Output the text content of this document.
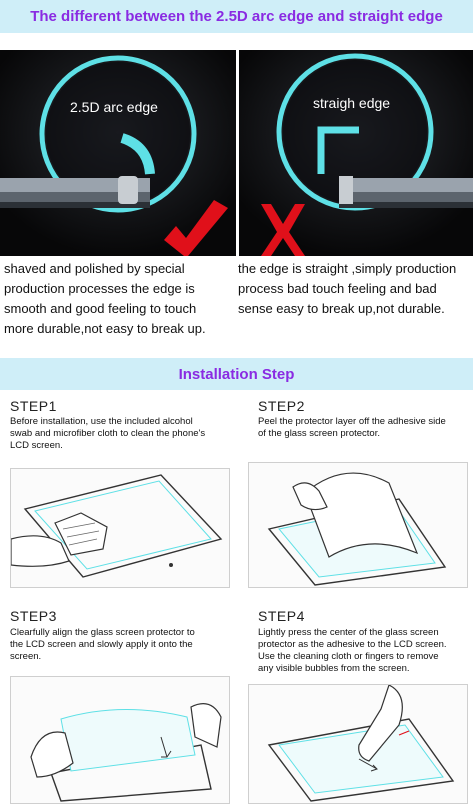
The different between the 2.5D arc edge and straight edge
2.5D arc edge	straigh edge
shaved and polished by special
production processes the edge is
smooth and good feeling to touch
more durable,not easy to break up.
the edge is straight ,simply production
process bad touch feeling and bad
sense easy to break up,not durable.
Installation Step
STEP1
Before installation, use the included alcohol
swab and microfiber cloth to clean the phone's
LCD screen.
STEP2
Peel the protector layer off the adhesive side
of the glass screen protector.
STEP3
Clearfully align the glass screen protector to
the LCD screen and slowly apply it onto the
screen.
STEP4
Lightly press the center of the glass screen
protector as the adhesive to the LCD screen.
Use the cleaning cloth or fingers to remove
any visible bubbles from the screen.
